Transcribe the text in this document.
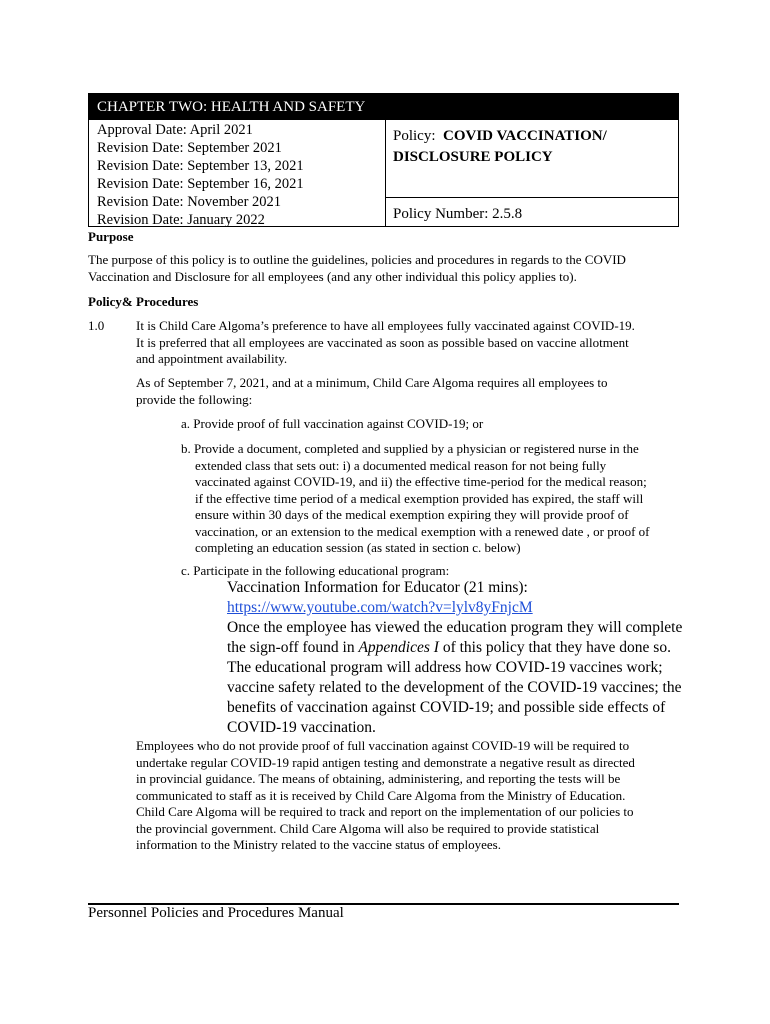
CHAPTER TWO: HEALTH AND SAFETY
Approval Date: April 2021
Revision Date: September 2021
Revision Date: September 13, 2021
Revision Date: September 16, 2021
Revision Date: November 2021
Revision Date: January 2022
Policy: COVID VACCINATION/
DISCLOSURE POLICY
Policy Number: 2.5.8
Purpose
The purpose of this policy is to outline the guidelines, policies and procedures in regards to the COVID
Vaccination and Disclosure for all employees (and any other individual this policy applies to).
Policy& Procedures
1.0 It is Child Care Algoma’s preference to have all employees fully vaccinated against COVID-19.
It is preferred that all employees are vaccinated as soon as possible based on vaccine allotment
and appointment availability.
As of September 7, 2021, and at a minimum, Child Care Algoma requires all employees to
provide the following:
a. Provide proof of full vaccination against COVID-19; or
b. Provide a document, completed and supplied by a physician or registered nurse in the
extended class that sets out: i) a documented medical reason for not being fully
vaccinated against COVID-19, and ii) the effective time-period for the medical reason;
if the effective time period of a medical exemption provided has expired, the staff will
ensure within 30 days of the medical exemption expiring they will provide proof of
vaccination, or an extension to the medical exemption with a renewed date , or proof of
completing an education session (as stated in section c. below)
c. Participate in the following educational program:
Vaccination Information for Educator (21 mins):
https://www.youtube.com/watch?v=lylv8yFnjcM
Once the employee has viewed the education program they will complete
the sign-off found in Appendices I of this policy that they have done so.
The educational program will address how COVID-19 vaccines work;
vaccine safety related to the development of the COVID-19 vaccines; the
benefits of vaccination against COVID-19; and possible side effects of
COVID-19 vaccination.
Employees who do not provide proof of full vaccination against COVID-19 will be required to
undertake regular COVID-19 rapid antigen testing and demonstrate a negative result as directed
in provincial guidance. The means of obtaining, administering, and reporting the tests will be
communicated to staff as it is received by Child Care Algoma from the Ministry of Education.
Child Care Algoma will be required to track and report on the implementation of our policies to
the provincial government. Child Care Algoma will also be required to provide statistical
information to the Ministry related to the vaccine status of employees.
Personnel Policies and Procedures Manual
